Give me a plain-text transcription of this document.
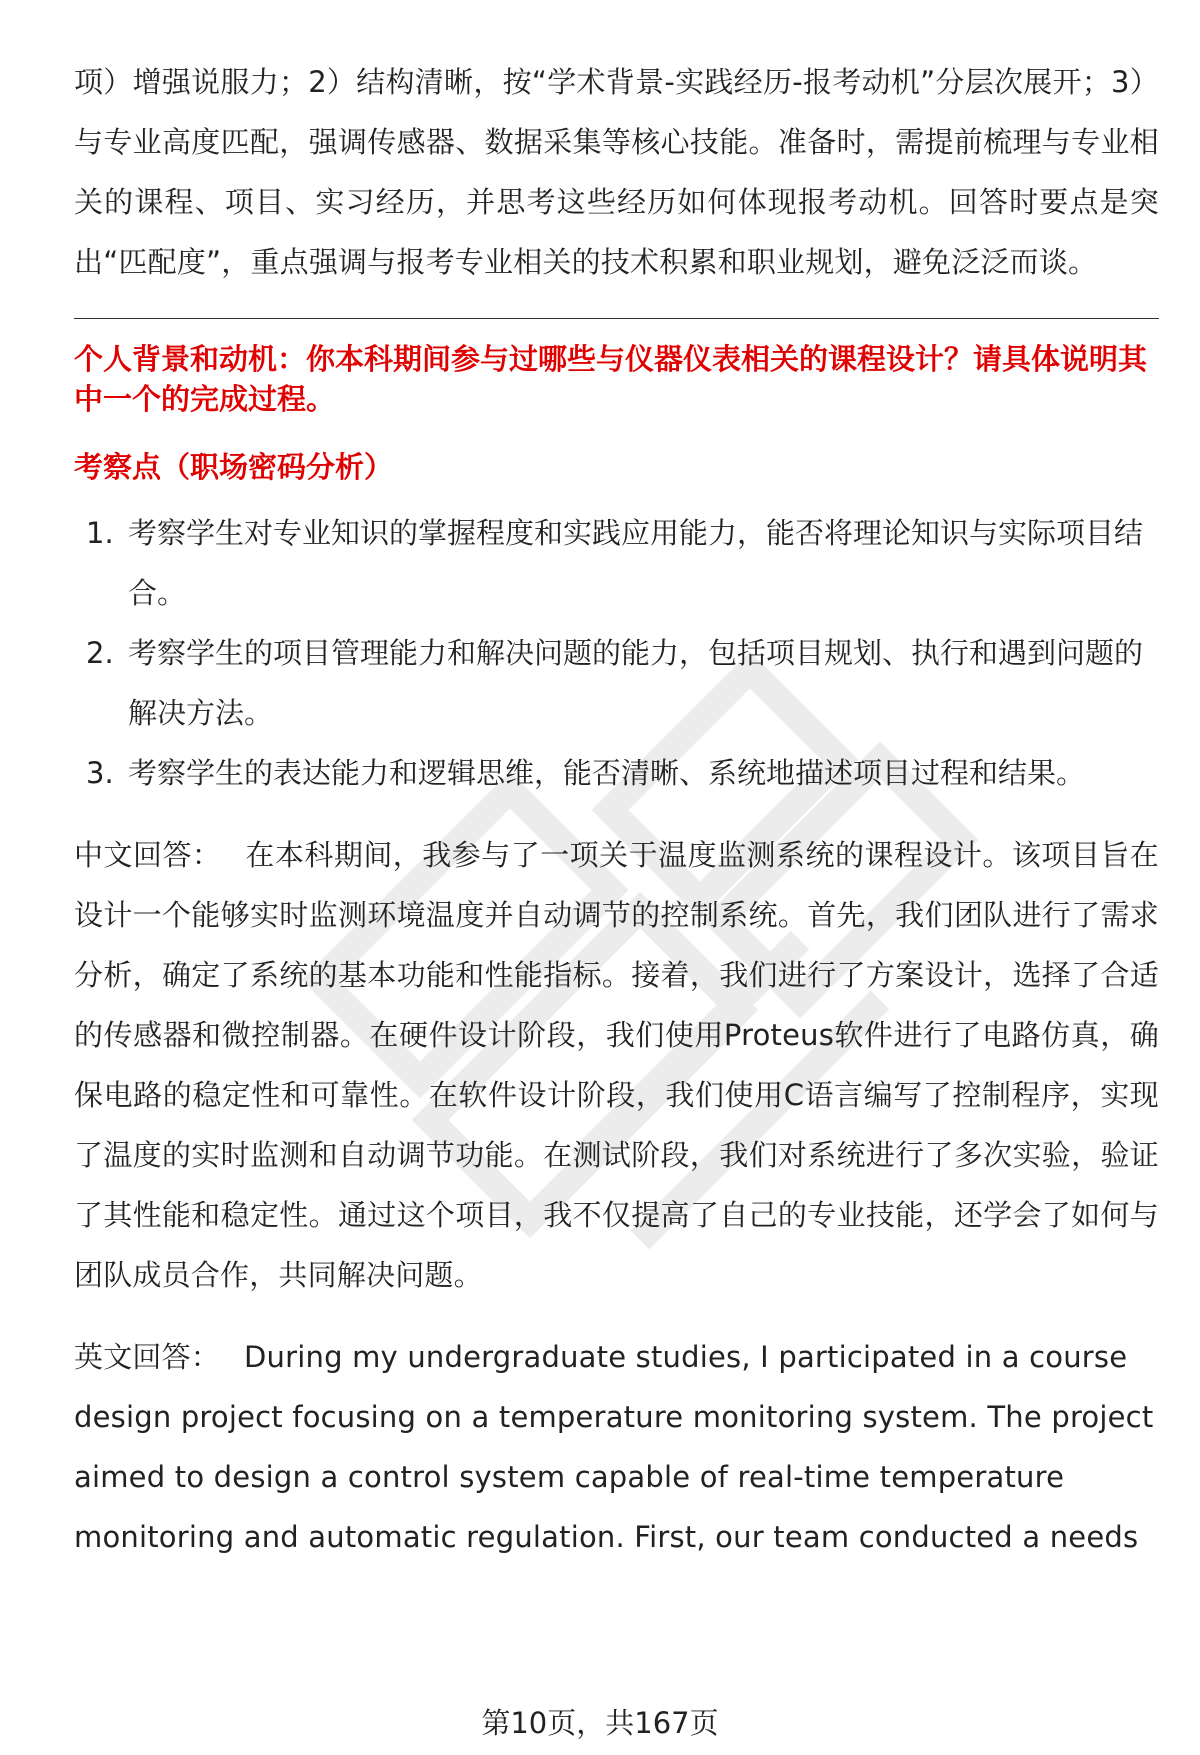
项）增强说服力；2）结构清晰，按“学术背景-实践经历-报考动机”分层次展开；3）与专业高度匹配，强调传感器、数据采集等核心技能。准备时，需提前梳理与专业相关的课程、项目、实习经历，并思考这些经历如何体现报考动机。回答时要点是突出“匹配度”，重点强调与报考专业相关的技术积累和职业规划，避免泛泛而谈。

个人背景和动机：你本科期间参与过哪些与仪器仪表相关的课程设计？请具体说明其中一个的完成过程。

考察点（职场密码分析）

1. 考察学生对专业知识的掌握程度和实践应用能力，能否将理论知识与实际项目结合。
2. 考察学生的项目管理能力和解决问题的能力，包括项目规划、执行和遇到问题的解决方法。
3. 考察学生的表达能力和逻辑思维，能否清晰、系统地描述项目过程和结果。

中文回答： 在本科期间，我参与了一项关于温度监测系统的课程设计。该项目旨在设计一个能够实时监测环境温度并自动调节的控制系统。首先，我们团队进行了需求分析，确定了系统的基本功能和性能指标。接着，我们进行了方案设计，选择了合适的传感器和微控制器。在硬件设计阶段，我们使用Proteus软件进行了电路仿真，确保电路的稳定性和可靠性。在软件设计阶段，我们使用C语言编写了控制程序，实现了温度的实时监测和自动调节功能。在测试阶段，我们对系统进行了多次实验，验证了其性能和稳定性。通过这个项目，我不仅提高了自己的专业技能，还学会了如何与团队成员合作，共同解决问题。

英文回答： During my undergraduate studies, I participated in a course design project focusing on a temperature monitoring system. The project aimed to design a control system capable of real-time temperature monitoring and automatic regulation. First, our team conducted a needs

第10页，共167页
